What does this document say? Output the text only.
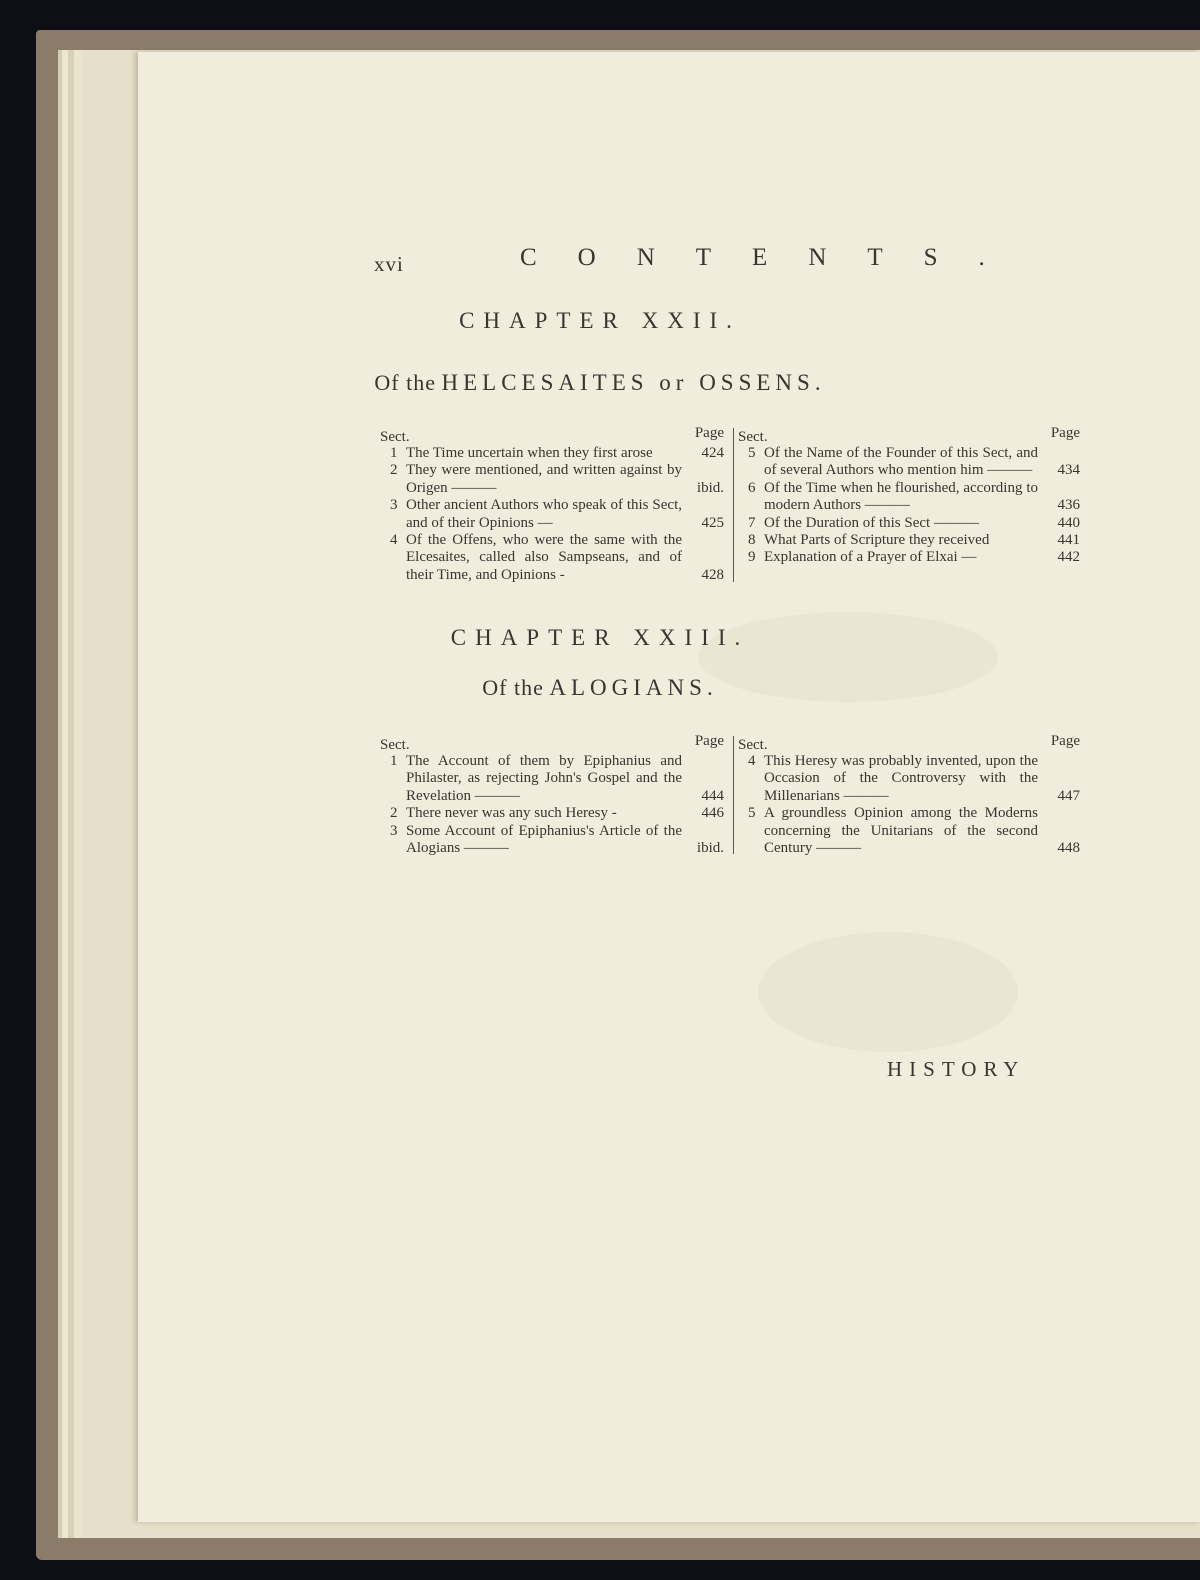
xvi	CONTENTS.
CHAPTER XXII.
Of the HELCESAITES or OSSENS.
Sect.	Page
1 The Time uncertain when they first arose	424
2 They were mentioned, and written against by Origen ———	ibid.
3 Other ancient Authors who speak of this Sect, and of their Opinions —	425
4 Of the Offens, who were the same with the Elcesaites, called also Sampseans, and of their Time, and Opinions -	428
Sect.	Page
5 Of the Name of the Founder of this Sect, and of several Authors who mention him ———	434
6 Of the Time when he flourished, according to modern Authors ———	436
7 Of the Duration of this Sect ———	440
8 What Parts of Scripture they received	441
9 Explanation of a Prayer of Elxai —	442
CHAPTER XXIII.
Of the ALOGIANS.
Sect.	Page
1 The Account of them by Epiphanius and Philaster, as rejecting John's Gospel and the Revelation ———	444
2 There never was any such Heresy -	446
3 Some Account of Epiphanius's Article of the Alogians ———	ibid.
Sect.	Page
4 This Heresy was probably invented, upon the Occasion of the Controversy with the Millenarians ———	447
5 A groundless Opinion among the Moderns concerning the Unitarians of the second Century ———	448
HISTORY
